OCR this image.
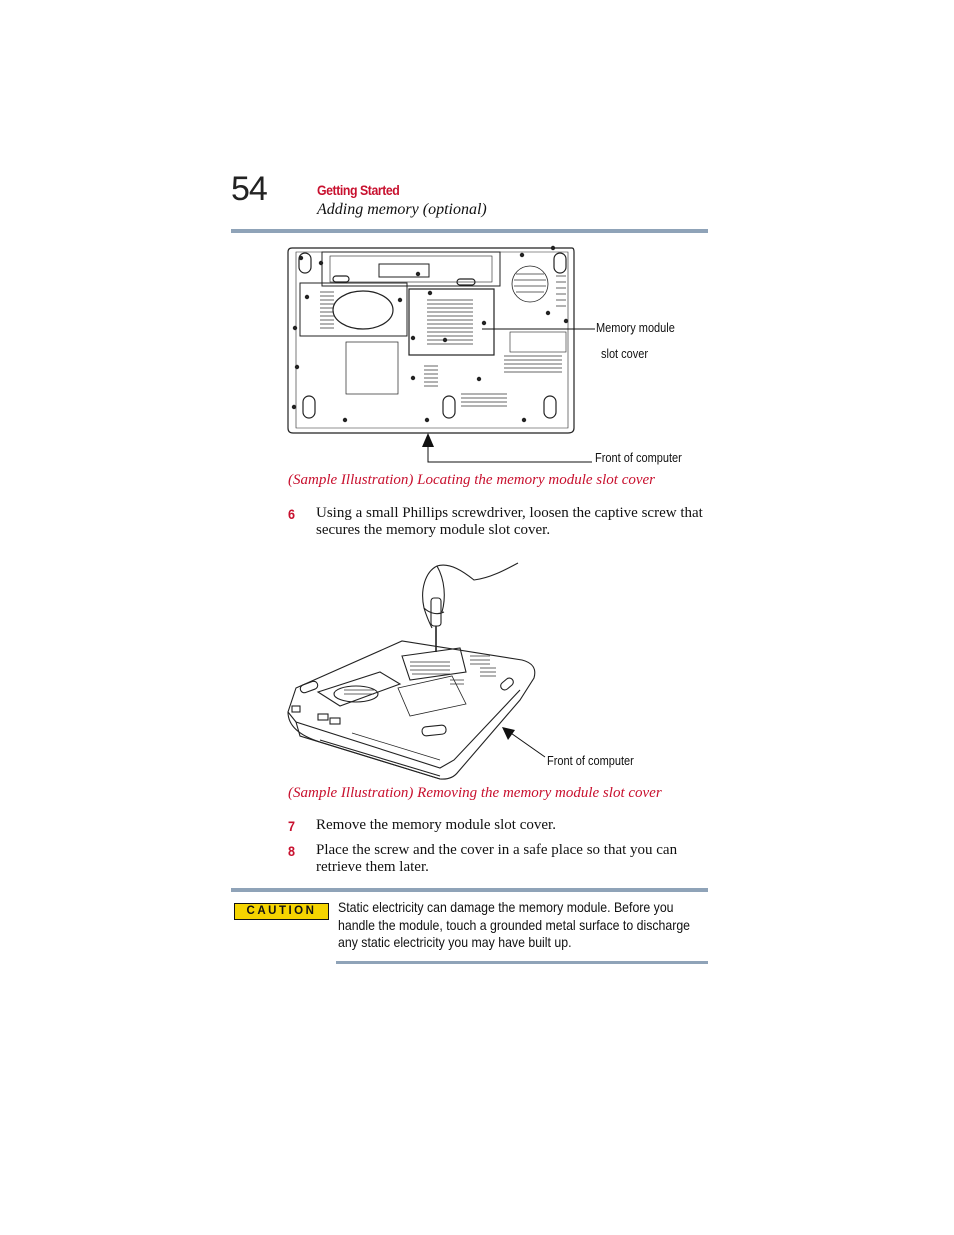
54	Getting Started
Adding memory (optional)
Memory module
slot cover
Front of computer
(Sample Illustration) Locating the memory module slot cover
6 Using a small Phillips screwdriver, loosen the captive screw that secures the memory module slot cover.
Front of computer
(Sample Illustration) Removing the memory module slot cover
7 Remove the memory module slot cover.
8 Place the screw and the cover in a safe place so that you can retrieve them later.
CAUTION	Static electricity can damage the memory module. Before you handle the module, touch a grounded metal surface to discharge any static electricity you may have built up.
